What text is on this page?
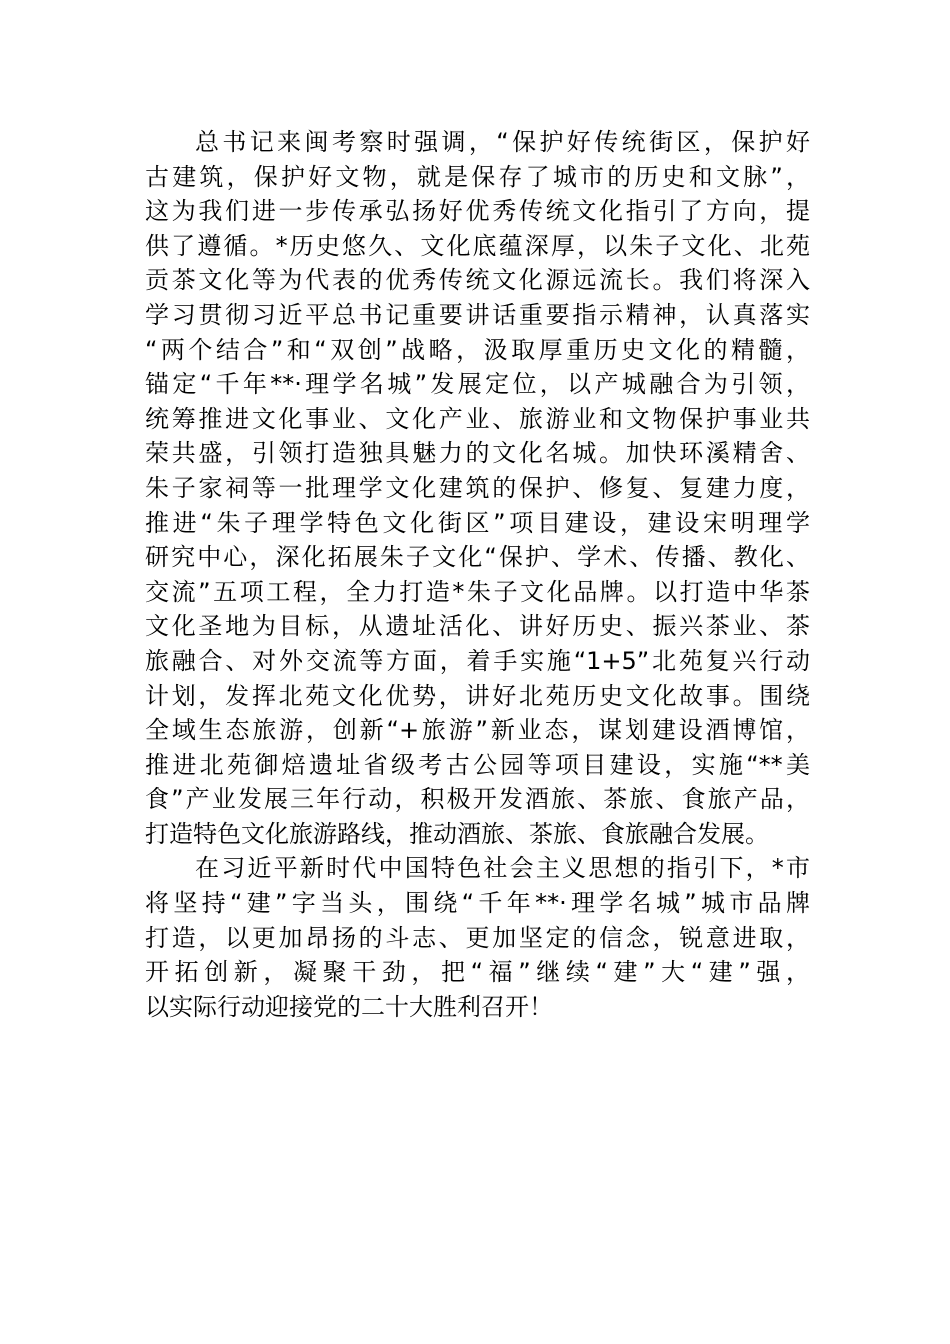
总书记来闽考察时强调，“保护好传统街区，保护好
古建筑，保护好文物，就是保存了城市的历史和文脉”，
这为我们进一步传承弘扬好优秀传统文化指引了方向，提
供了遵循。*历史悠久、文化底蕴深厚，以朱子文化、北苑
贡茶文化等为代表的优秀传统文化源远流长。我们将深入
学习贯彻习近平总书记重要讲话重要指示精神，认真落实
“两个结合”和“双创”战略，汲取厚重历史文化的精髓，
锚定“千年**·理学名城”发展定位，以产城融合为引领，
统筹推进文化事业、文化产业、旅游业和文物保护事业共
荣共盛，引领打造独具魅力的文化名城。加快环溪精舍、
朱子家祠等一批理学文化建筑的保护、修复、复建力度，
推进“朱子理学特色文化街区”项目建设，建设宋明理学
研究中心，深化拓展朱子文化“保护、学术、传播、教化、
交流”五项工程，全力打造*朱子文化品牌。以打造中华茶
文化圣地为目标，从遗址活化、讲好历史、振兴茶业、茶
旅融合、对外交流等方面，着手实施“1+5”北苑复兴行动
计划，发挥北苑文化优势，讲好北苑历史文化故事。围绕
全域生态旅游，创新“+旅游”新业态，谋划建设酒博馆，
推进北苑御焙遗址省级考古公园等项目建设，实施“**美
食”产业发展三年行动，积极开发酒旅、茶旅、食旅产品，
打造特色文化旅游路线，推动酒旅、茶旅、食旅融合发展。
在习近平新时代中国特色社会主义思想的指引下，*市
将坚持“建”字当头，围绕“千年**·理学名城”城市品牌
打造，以更加昂扬的斗志、更加坚定的信念，锐意进取，
开拓创新，凝聚干劲，把“福”继续“建”大“建”强，
以实际行动迎接党的二十大胜利召开！
